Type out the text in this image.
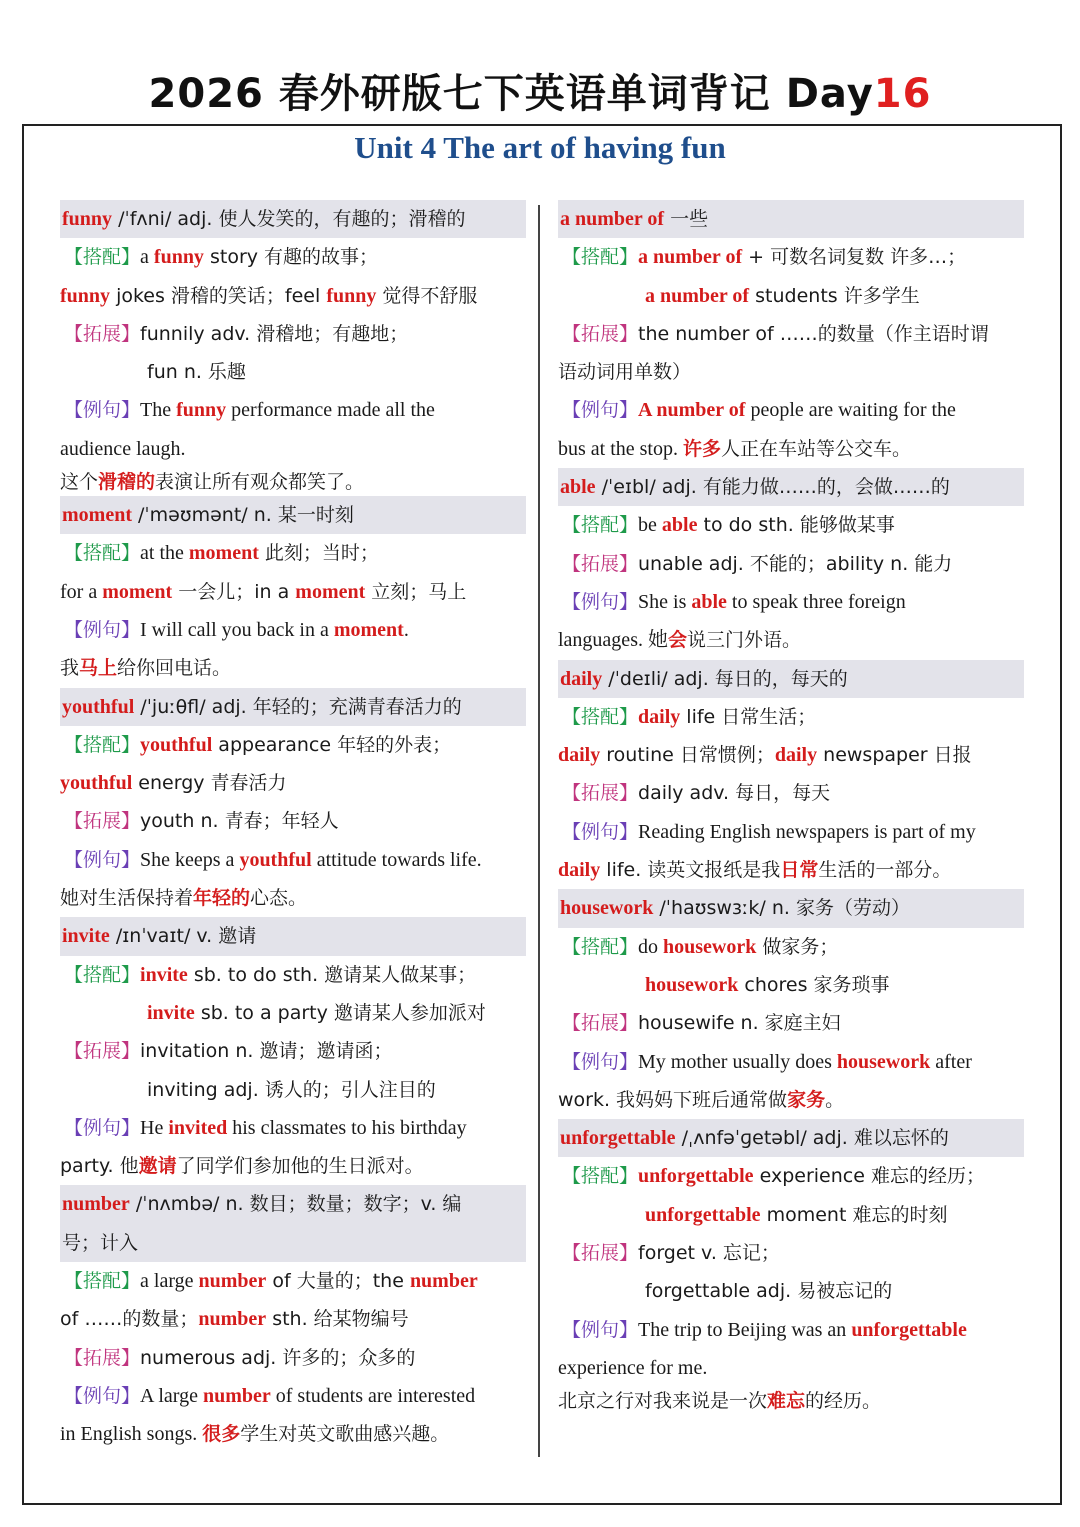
2026 春外研版七下英语单词背记 Day16
Unit 4 The art of having fun
funny /ˈfʌni/ adj. 使人发笑的，有趣的；滑稽的
【搭配】a funny story 有趣的故事；
funny jokes 滑稽的笑话；feel funny 觉得不舒服
【拓展】funnily adv. 滑稽地；有趣地；
fun n. 乐趣
【例句】The funny performance made all the
audience laugh.
这个滑稽的表演让所有观众都笑了。
moment /ˈməʊmənt/ n. 某一时刻
【搭配】at the moment 此刻；当时；
for a moment 一会儿；in a moment 立刻；马上
【例句】I will call you back in a moment.
我马上给你回电话。
youthful /ˈjuːθfl/ adj. 年轻的；充满青春活力的
【搭配】youthful appearance 年轻的外表；
youthful energy 青春活力
【拓展】youth n. 青春；年轻人
【例句】She keeps a youthful attitude towards life.
她对生活保持着年轻的心态。
invite /ɪnˈvaɪt/ v. 邀请
【搭配】invite sb. to do sth. 邀请某人做某事；
invite sb. to a party 邀请某人参加派对
【拓展】invitation n. 邀请；邀请函；
inviting adj. 诱人的；引人注目的
【例句】He invited his classmates to his birthday
party. 他邀请了同学们参加他的生日派对。
number /ˈnʌmbə/ n. 数目；数量；数字；v. 编
号；计入
【搭配】a large number of 大量的；the number
of ……的数量；number sth. 给某物编号
【拓展】numerous adj. 许多的；众多的
【例句】A large number of students are interested
in English songs. 很多学生对英文歌曲感兴趣。
a number of 一些
【搭配】a number of + 可数名词复数 许多…；
a number of students 许多学生
【拓展】the number of ……的数量（作主语时谓
语动词用单数）
【例句】A number of people are waiting for the
bus at the stop. 许多人正在车站等公交车。
able /ˈeɪbl/ adj. 有能力做……的，会做……的
【搭配】be able to do sth. 能够做某事
【拓展】unable adj. 不能的；ability n. 能力
【例句】She is able to speak three foreign
languages. 她会说三门外语。
daily /ˈdeɪli/ adj. 每日的，每天的
【搭配】daily life 日常生活；
daily routine 日常惯例；daily newspaper 日报
【拓展】daily adv. 每日，每天
【例句】Reading English newspapers is part of my
daily life. 读英文报纸是我日常生活的一部分。
housework /ˈhaʊswɜːk/ n. 家务（劳动）
【搭配】do housework 做家务；
housework chores 家务琐事
【拓展】housewife n. 家庭主妇
【例句】My mother usually does housework after
work. 我妈妈下班后通常做家务。
unforgettable /ˌʌnfəˈɡetəbl/ adj. 难以忘怀的
【搭配】unforgettable experience 难忘的经历；
unforgettable moment 难忘的时刻
【拓展】forget v. 忘记；
forgettable adj. 易被忘记的
【例句】The trip to Beijing was an unforgettable
experience for me.
北京之行对我来说是一次难忘的经历。
